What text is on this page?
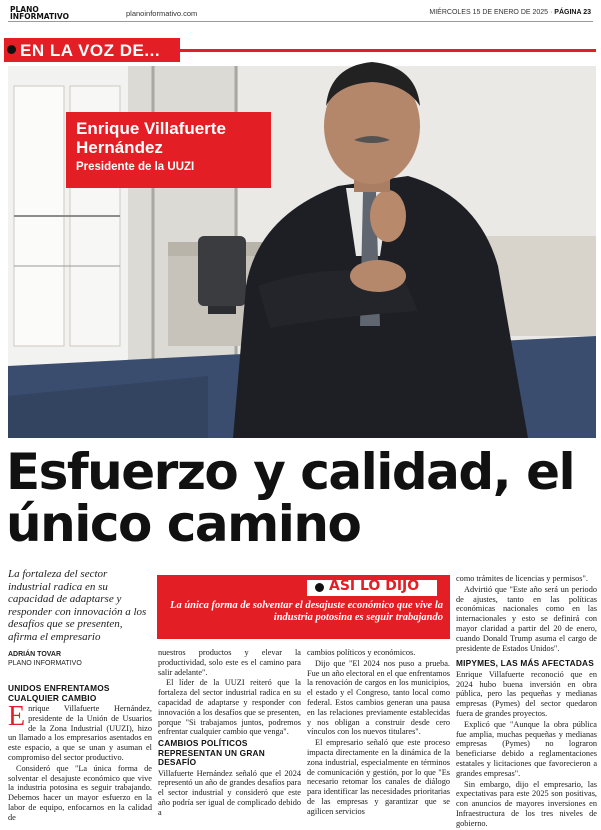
PLANO
INFORMATIVO	planoinformativo.com	MIÉRCOLES 15 DE ENERO DE 2025 · PÁGINA 23
EN LA VOZ DE...
Enrique Villafuerte Hernández
Presidente de la UUZI
Esfuerzo y calidad, el único camino
La fortaleza del sector industrial radica en su capacidad de adaptarse y responder con innovación a los desafíos que se presenten, afirma el empresario
ADRIÁN TOVAR
PLANO INFORMATIVO
ASÍ LO DIJO
La única forma de solventar el desajuste económico que vive la industria potosina es seguir trabajando
UNIDOS ENFRENTAMOS CUALQUIER CAMBIO

Enrique Villafuerte Hernández, presidente de la Unión de Usuarios de la Zona Industrial (UUZI), hizo un llamado a los empresarios asentados en este espacio, a que se unan y asuman el compromiso del sector productivo.

Consideró que "La única forma de solventar el desajuste económico que vive la industria potosina es seguir trabajando. Debemos hacer un mayor esfuerzo en la labor de equipo, enfocarnos en la calidad de

nuestros productos y elevar la productividad, solo este es el camino para salir adelante".

El líder de la UUZI reiteró que la fortaleza del sector industrial radica en su capacidad de adaptarse y responder con innovación a los desafíos que se presenten, porque "Si trabajamos juntos, podremos enfrentar cualquier cambio que venga".

CAMBIOS POLÍTICOS REPRESENTAN UN GRAN DESAFÍO

Villafuerte Hernández señaló que el 2024 representó un año de grandes desafíos para el sector industrial y consideró que este año podría ser igual de complicado debido a

cambios políticos y económicos.

Dijo que "El 2024 nos puso a prueba. Fue un año electoral en el que enfrentamos la renovación de cargos en los municipios, el estado y el Congreso, tanto local como federal. Estos cambios generan una pausa en las relaciones previamente establecidas y nos obligan a construir desde cero vínculos con los nuevos titulares".

El empresario señaló que este proceso impacta directamente en la dinámica de la zona industrial, especialmente en términos de comunicación y gestión, por lo que "Es necesario retomar los canales de diálogo para identificar las necesidades prioritarias de las empresas y garantizar que se agilicen servicios

como trámites de licencias y permisos".

Advirtió que "Este año será un periodo de ajustes, tanto en las políticas económicas nacionales como en las internacionales y esto se definirá con mayor claridad a partir del 20 de enero, cuando Donald Trump asuma el cargo de presidente de Estados Unidos".

MIPYMES, LAS MÁS AFECTADAS

Enrique Villafuerte reconoció que en 2024 hubo buena inversión en obra pública, pero las pequeñas y medianas empresas (Pymes) del sector quedaron fuera de grandes proyectos.

Explicó que "Aunque la obra pública fue amplia, muchas pequeñas y medianas empresas (Pymes) no lograron beneficiarse debido a reglamentaciones estatales y licitaciones que favorecieron a grandes empresas".

Sin embargo, dijo el empresario, las expectativas para este 2025 son positivas, con anuncios de mayores inversiones en Infraestructura de los tres niveles de gobierno.
